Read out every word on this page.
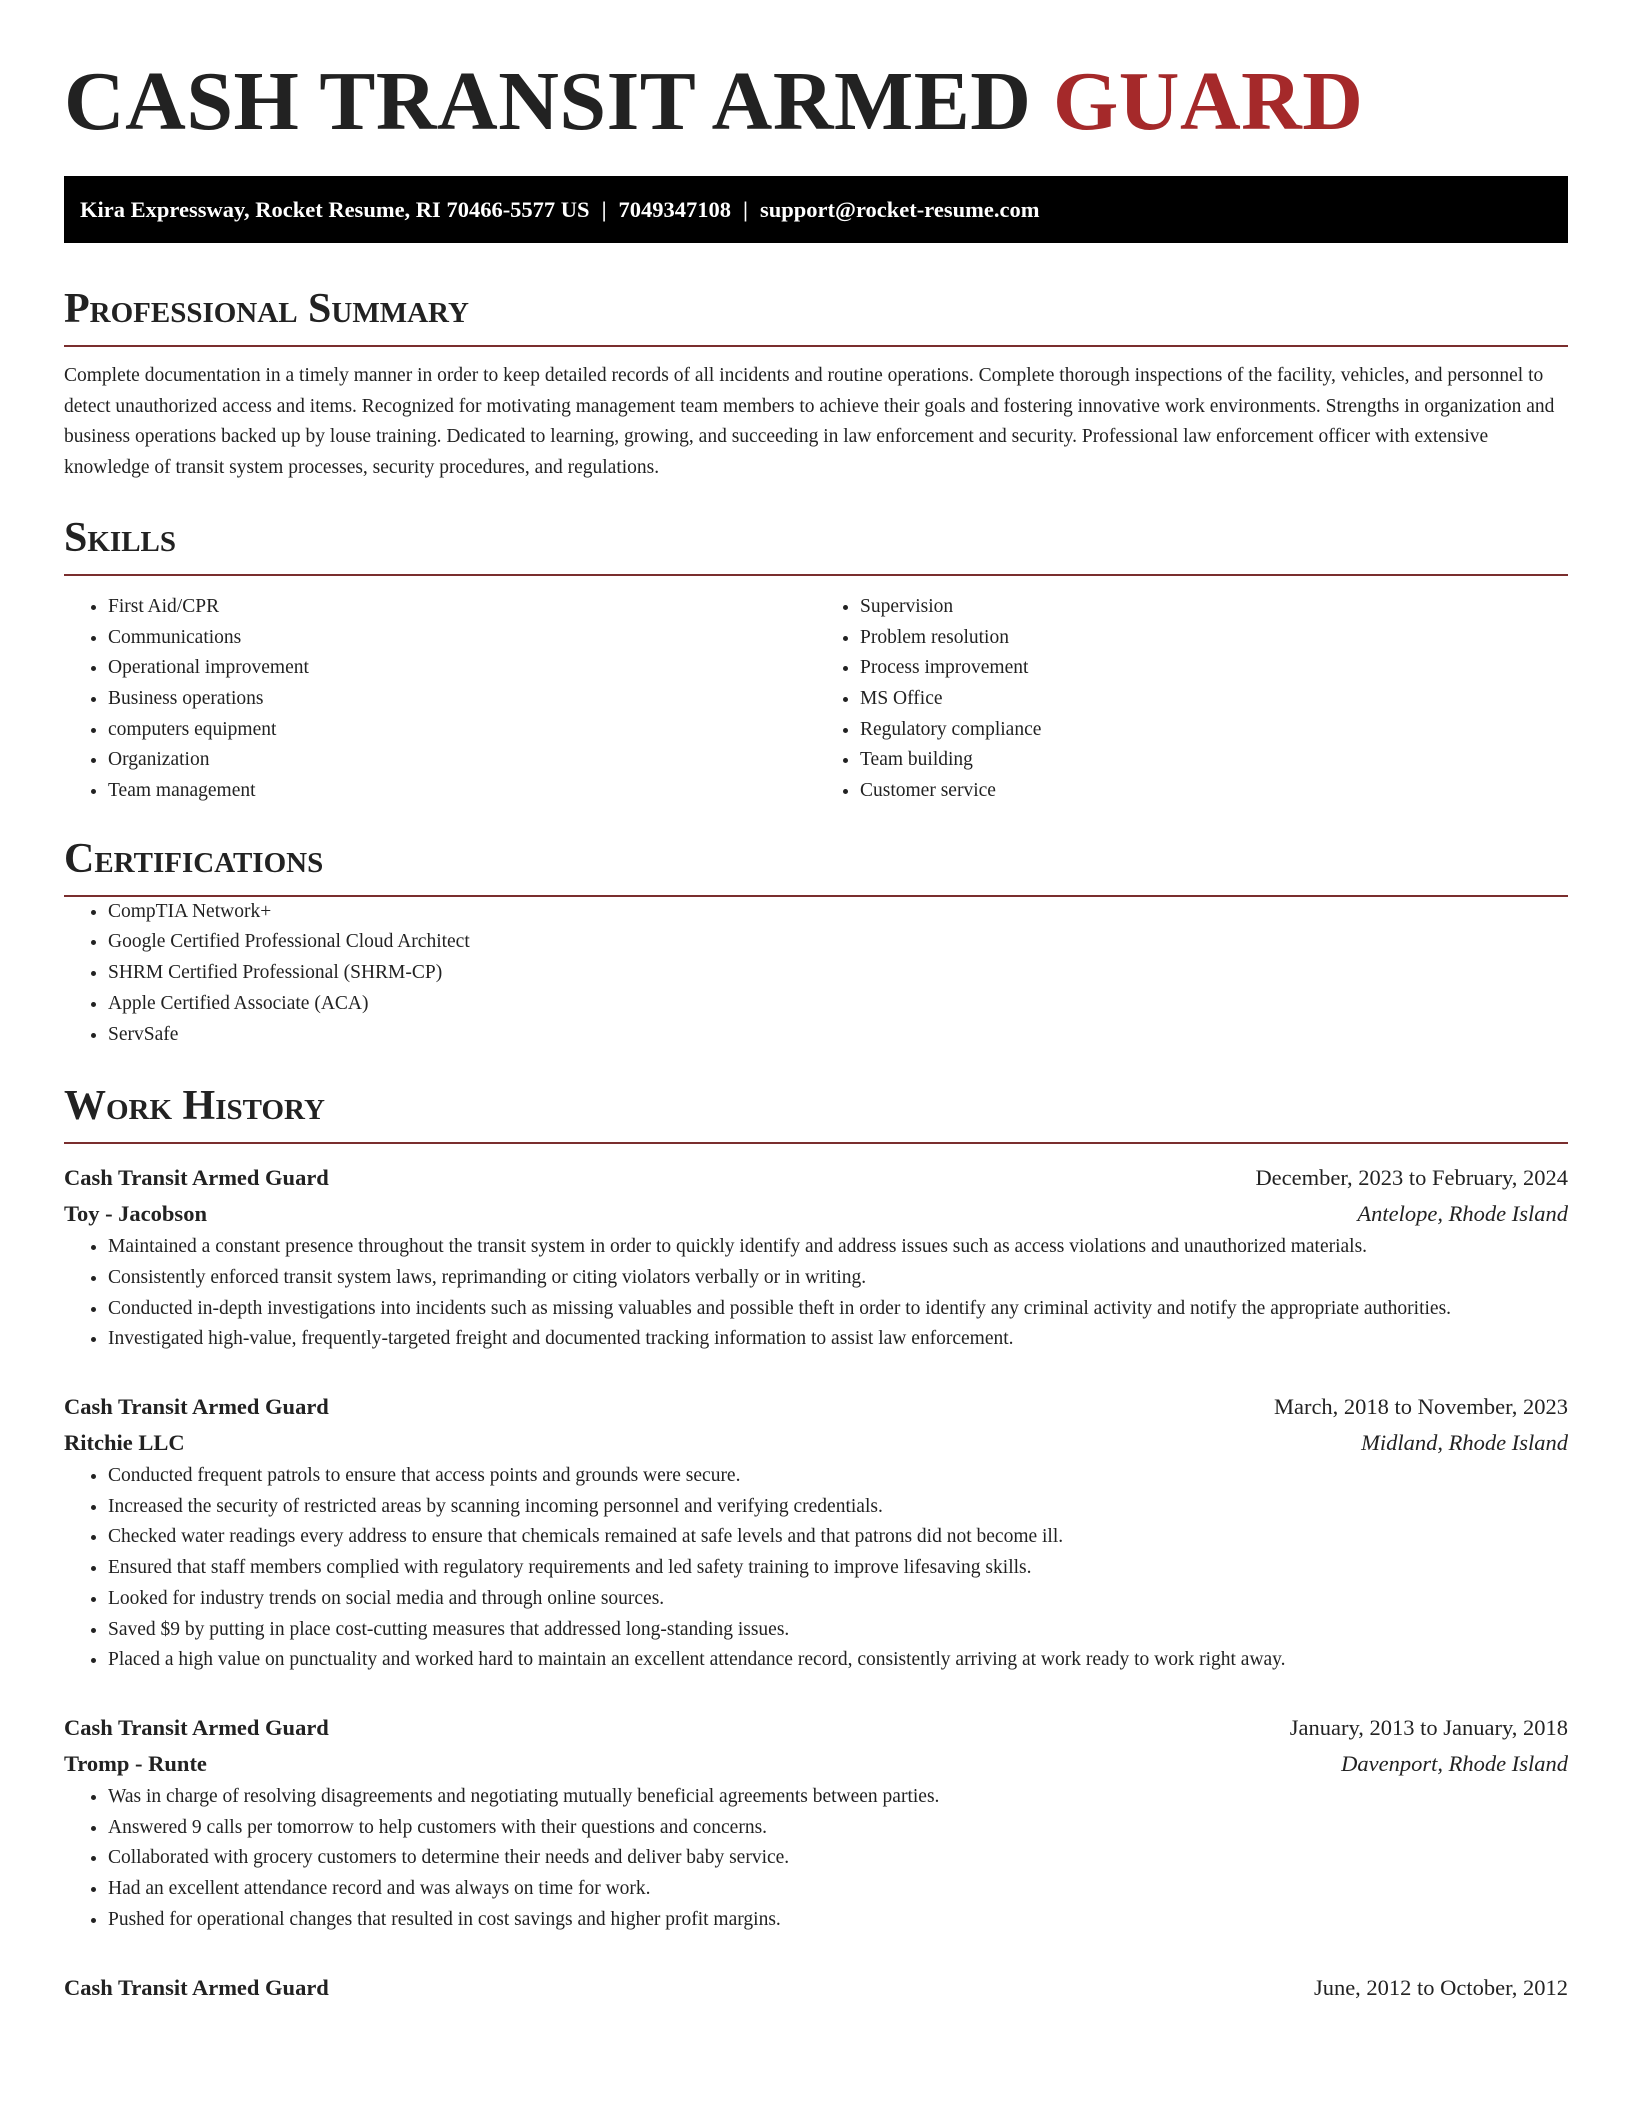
CASH TRANSIT ARMED GUARD
Kira Expressway, Rocket Resume, RI 70466-5577 US | 7049347108 | support@rocket-resume.com
Professional Summary

Complete documentation in a timely manner in order to keep detailed records of all incidents and routine operations. Complete thorough inspections of the facility, vehicles, and personnel to detect unauthorized access and items. Recognized for motivating management team members to achieve their goals and fostering innovative work environments. Strengths in organization and business operations backed up by louse training. Dedicated to learning, growing, and succeeding in law enforcement and security. Professional law enforcement officer with extensive knowledge of transit system processes, security procedures, and regulations.

Skills
• First Aid/CPR
• Communications
• Operational improvement
• Business operations
• computers equipment
• Organization
• Team management
• Supervision
• Problem resolution
• Process improvement
• MS Office
• Regulatory compliance
• Team building
• Customer service
Certifications
• CompTIA Network+
• Google Certified Professional Cloud Architect
• SHRM Certified Professional (SHRM-CP)
• Apple Certified Associate (ACA)
• ServSafe
Work History
Cash Transit Armed Guard	December, 2023 to February, 2024
Toy - Jacobson	Antelope, Rhode Island
• Maintained a constant presence throughout the transit system in order to quickly identify and address issues such as access violations and unauthorized materials.
• Consistently enforced transit system laws, reprimanding or citing violators verbally or in writing.
• Conducted in-depth investigations into incidents such as missing valuables and possible theft in order to identify any criminal activity and notify the appropriate authorities.
• Investigated high-value, frequently-targeted freight and documented tracking information to assist law enforcement.
Cash Transit Armed Guard	March, 2018 to November, 2023
Ritchie LLC	Midland, Rhode Island
• Conducted frequent patrols to ensure that access points and grounds were secure.
• Increased the security of restricted areas by scanning incoming personnel and verifying credentials.
• Checked water readings every address to ensure that chemicals remained at safe levels and that patrons did not become ill.
• Ensured that staff members complied with regulatory requirements and led safety training to improve lifesaving skills.
• Looked for industry trends on social media and through online sources.
• Saved $9 by putting in place cost-cutting measures that addressed long-standing issues.
• Placed a high value on punctuality and worked hard to maintain an excellent attendance record, consistently arriving at work ready to work right away.
Cash Transit Armed Guard	January, 2013 to January, 2018
Tromp - Runte	Davenport, Rhode Island
• Was in charge of resolving disagreements and negotiating mutually beneficial agreements between parties.
• Answered 9 calls per tomorrow to help customers with their questions and concerns.
• Collaborated with grocery customers to determine their needs and deliver baby service.
• Had an excellent attendance record and was always on time for work.
• Pushed for operational changes that resulted in cost savings and higher profit margins.
Cash Transit Armed Guard	June, 2012 to October, 2012
